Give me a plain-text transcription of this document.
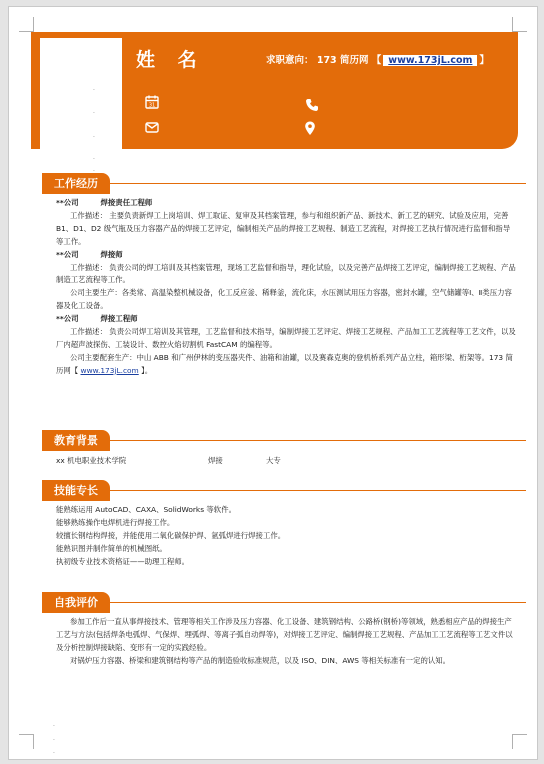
姓 名	求职意向： 173 简历网 【 www.173jL.com 】
31
工作经历

**公司	焊接责任工程师

工作描述： 主要负责新焊工上岗培训、焊工取证、复审及其档案管理，参与和组织新产品、新技术、新工艺的研究、试验及应用，完善 B1、D1、D2 级气瓶及压力容器产品的焊接工艺评定，编制相关产品的焊接工艺规程、制造工艺流程，对焊接工艺执行情况进行监督和指导等工作。

**公司	焊接师

工作描述： 负责公司的焊工培训及其档案管理，现场工艺监督和指导，理化试验，以及完善产品焊接工艺评定，编制焊接工艺规程、产品制造工艺流程等工作。

公司主要生产：各类常、高温染整机械设备，化工反应釜、稀释釜，流化床，水压测试用压力容器，密封水罐，空气储罐等Ⅰ、Ⅱ类压力容器及化工设备。

**公司	焊接工程师

工作描述： 负责公司焊工培训及其管理，工艺监督和技术指导，编制焊接工艺评定、焊接工艺规程、产品加工工艺流程等工艺文件，以及厂内超声波探伤、工装设计、数控火焰切割机 FastCAM 的编程等。

公司主要配套生产：中山 ABB 和广州伊林的变压器夹件、油箱和油罐，以及赛森克奥的登机桥系列产品立柱，箱形梁、桁架等。173 简历网【 www.173jL.com 】。

教育背景
xx 机电职业技术学院	焊接	大专
技能专长

能熟练运用 AutoCAD、CAXA、SolidWorks 等软件。

能够熟练操作电焊机进行焊接工作。

较擅长钢结构焊接，并能使用二氧化碳保护焊、氩弧焊进行焊接工作。

能熟识图并制作简单的机械图纸。

执初级专业技术资格证——助理工程师。

自我评价

参加工作后一直从事焊接技术、管理等相关工作涉及压力容器、化工设备、建筑钢结构、公路桥(钢桥)等领域，熟悉相应产品的焊接生产工艺与方法(包括焊条电弧焊、气保焊、埋弧焊、等离子弧自动焊等)，对焊接工艺评定、编制焊接工艺规程、产品加工工艺流程等工艺文件以及分析控制焊接缺陷、变形有一定的实践经验。

对锅炉压力容器、桥梁和建筑钢结构等产品的制造验收标准规范，以及 ISO、DIN、AWS 等相关标准有一定的认知。

.
.
.
.
.
.
.
.
